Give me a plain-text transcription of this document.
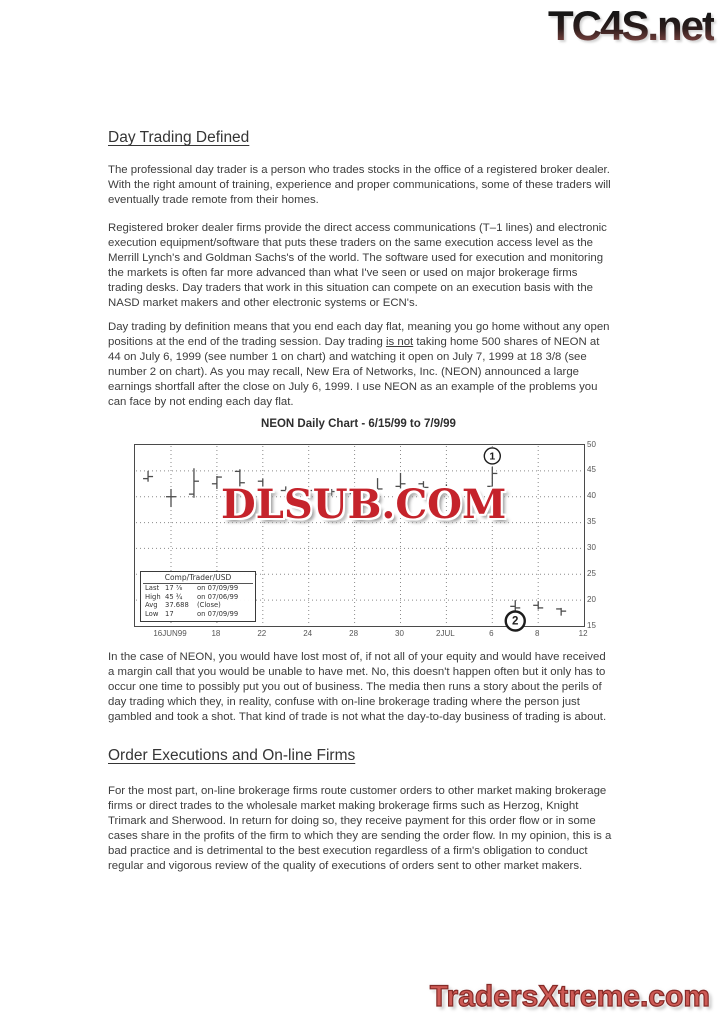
TC4S.net
Day Trading Defined
The professional day trader is a person who trades stocks in the office of a registered broker dealer. With the right amount of training, experience and proper communications, some of these traders will eventually trade remote from their homes.
Registered broker dealer firms provide the direct access communications (T–1 lines) and electronic execution equipment/software that puts these traders on the same execution access level as the Merrill Lynch's and Goldman Sachs's of the world. The software used for execution and monitoring the markets is often far more advanced than what I've seen or used on major brokerage firms trading desks. Day traders that work in this situation can compete on an execution basis with the NASD market makers and other electronic systems or ECN's.
Day trading by definition means that you end each day flat, meaning you go home without any open positions at the end of the trading session. Day trading is not taking home 500 shares of NEON at 44 on July 6, 1999 (see number 1 on chart) and watching it open on July 7, 1999 at 18 3/8 (see number 2 on chart). As you may recall, New Era of Networks, Inc. (NEON) announced a large earnings shortfall after the close on July 6, 1999. I use NEON as an example of the problems you can face by not ending each day flat.
NEON Daily Chart - 6/15/99 to 7/9/99
1
2
DLSUB.COM
Comp/Trader/USD
Last 17 ⅞	on 07/09/99
High 45 ¾	on 07/06/99
Avg	37.688	(Close)
Low 17	on 07/09/99
16JUN99	18	22	24	28	30	2JUL	6	8	12
50
45
40
35
30
25
20
15
In the case of NEON, you would have lost most of, if not all of your equity and would have received a margin call that you would be unable to have met. No, this doesn't happen often but it only has to occur one time to possibly put you out of business. The media then runs a story about the perils of day trading which they, in reality, confuse with on-line brokerage trading where the person just gambled and took a shot. That kind of trade is not what the day-to-day business of trading is about.
Order Executions and On-line Firms
For the most part, on-line brokerage firms route customer orders to other market making brokerage firms or direct trades to the wholesale market making brokerage firms such as Herzog, Knight Trimark and Sherwood. In return for doing so, they receive payment for this order flow or in some cases share in the profits of the firm to which they are sending the order flow. In my opinion, this is a bad practice and is detrimental to the best execution regardless of a firm's obligation to conduct regular and vigorous review of the quality of executions of orders sent to other market makers.
TradersXtreme.com
